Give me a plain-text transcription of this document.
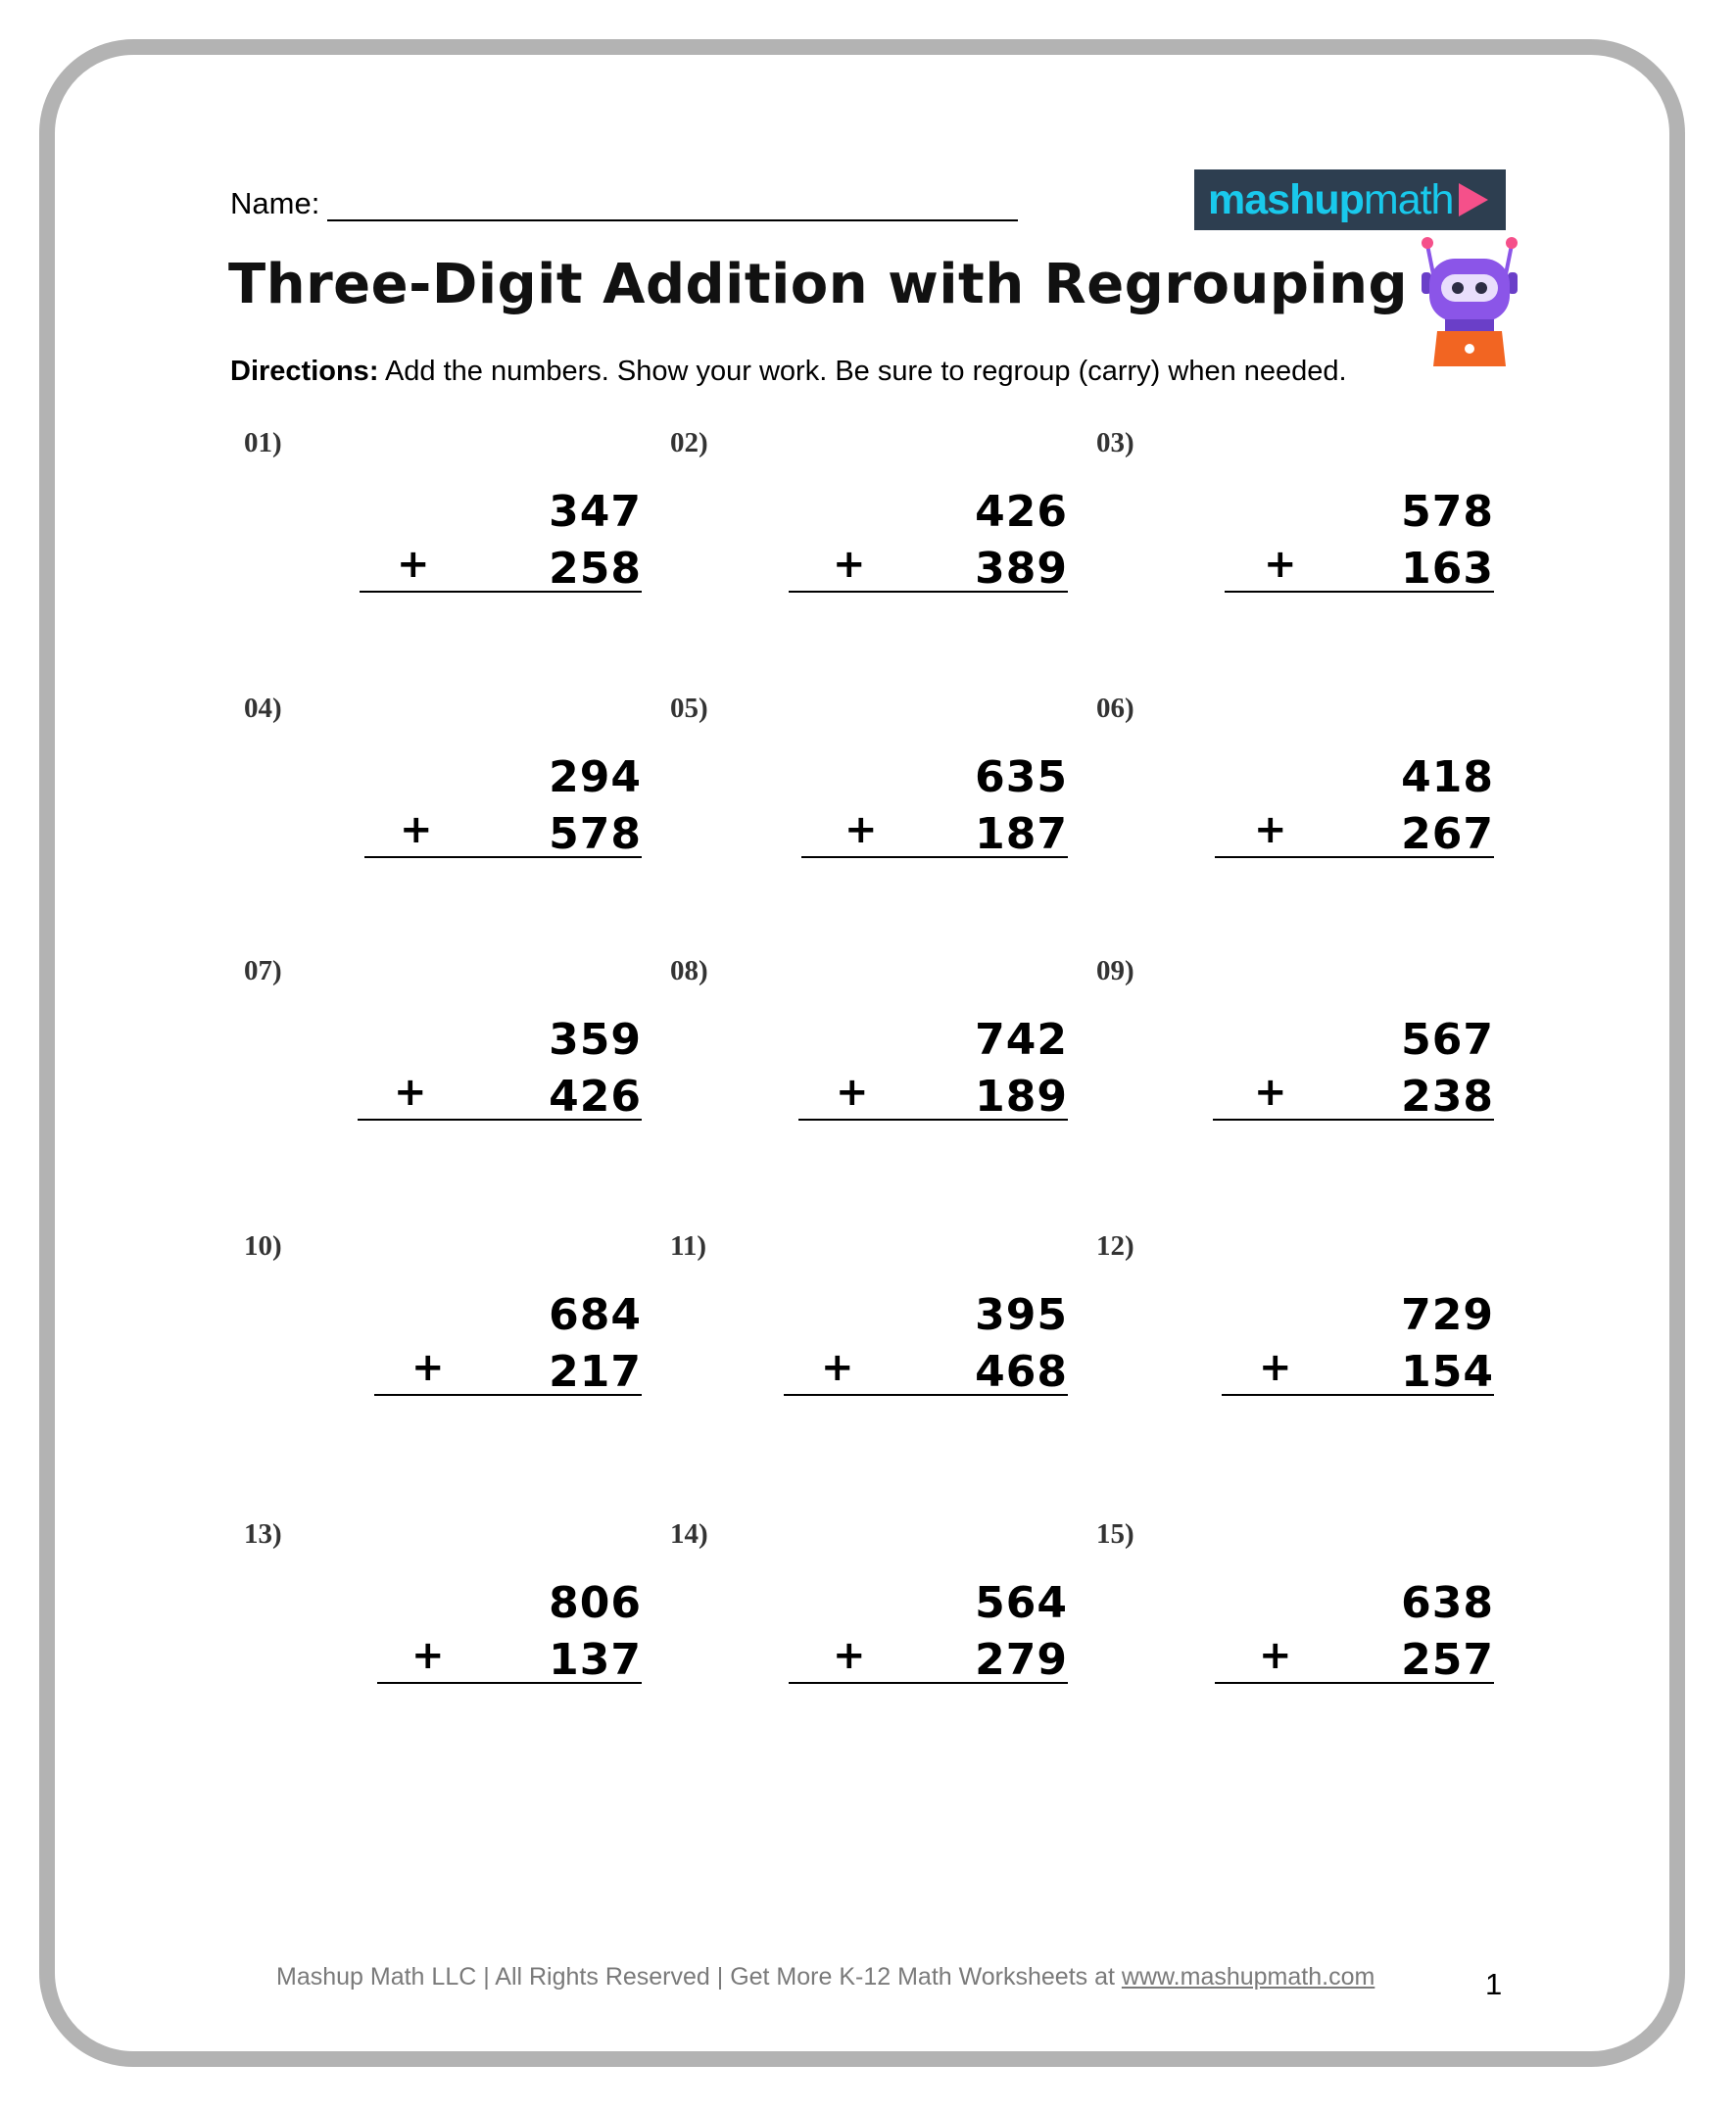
Name:	mashup math
Three-Digit Addition with Regrouping
Directions: Add the numbers. Show your work. Be sure to regroup (carry) when needed.
01)
347
+	258
02)
426
+	389
03)
578
+ 163
04)
294
+	578
05)
635
+ 187
06)
418
+	267
07)
359
+	426
08)
742
+ 189
09)
567
+	238
10)
684
+ 217
11)
395
+	468
12)
729
+	154
13)
806
+ 137
14)
564
+	279
15)
638
+	257
Mashup Math LLC | All Rights Reserved | Get More K-12 Math Worksheets at www.mashupmath.com	1
